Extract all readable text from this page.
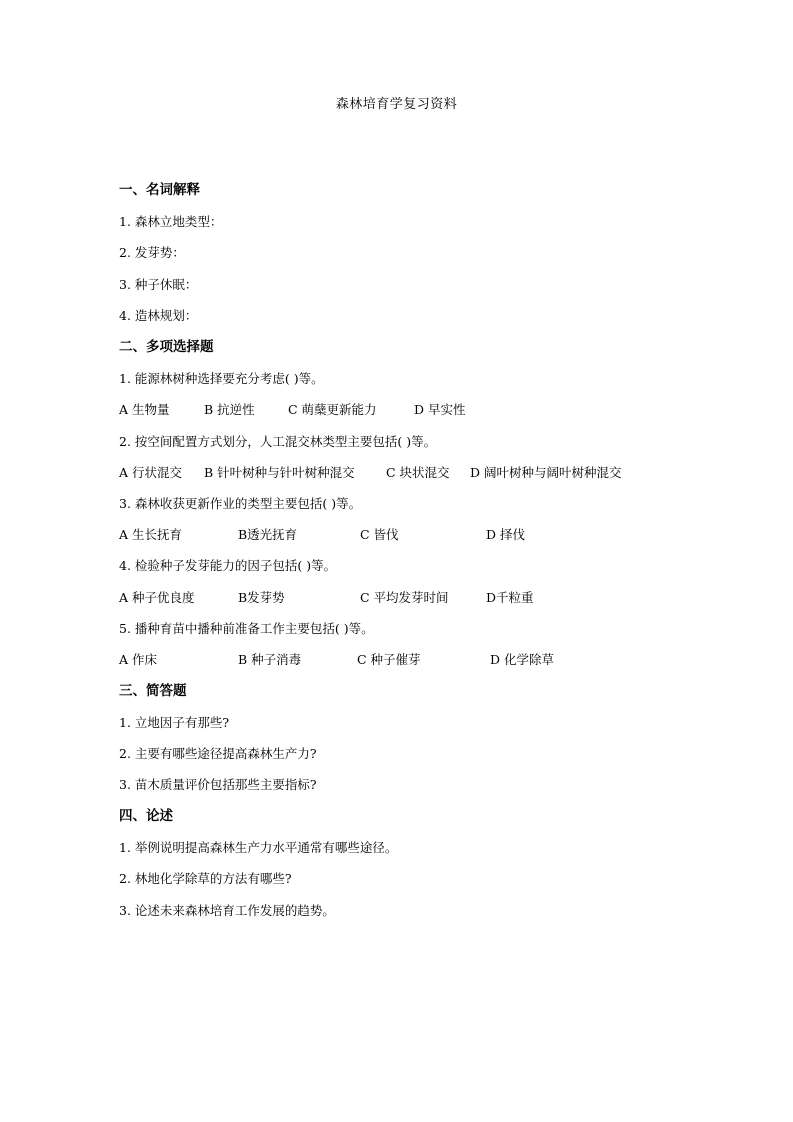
森林培育学复习资料
一、名词解释
1. 森林立地类型：
2. 发芽势：
3. 种子休眠：
4. 造林规划：
二、多项选择题
1. 能源林树种选择要充分考虑( )等。
A 生物量	B 抗逆性	C 萌蘖更新能力	D 早实性
2. 按空间配置方式划分，人工混交林类型主要包括( )等。
A 行状混交 B 针叶树种与针叶树种混交	C 块状混交 D 阔叶树种与阔叶树种混交
3. 森林收获更新作业的类型主要包括( )等。
A 生长抚育	B透光抚育	C 皆伐	D 择伐
4. 检验种子发芽能力的因子包括( )等。
A 种子优良度	B发芽势	C 平均发芽时间	D千粒重
5. 播种育苗中播种前准备工作主要包括( )等。
A 作床	B 种子消毒	C 种子催芽	D 化学除草
三、简答题
1. 立地因子有那些?
2. 主要有哪些途径提高森林生产力?
3. 苗木质量评价包括那些主要指标?
四、论述
1. 举例说明提高森林生产力水平通常有哪些途径。
2. 林地化学除草的方法有哪些?
3. 论述未来森林培育工作发展的趋势。
